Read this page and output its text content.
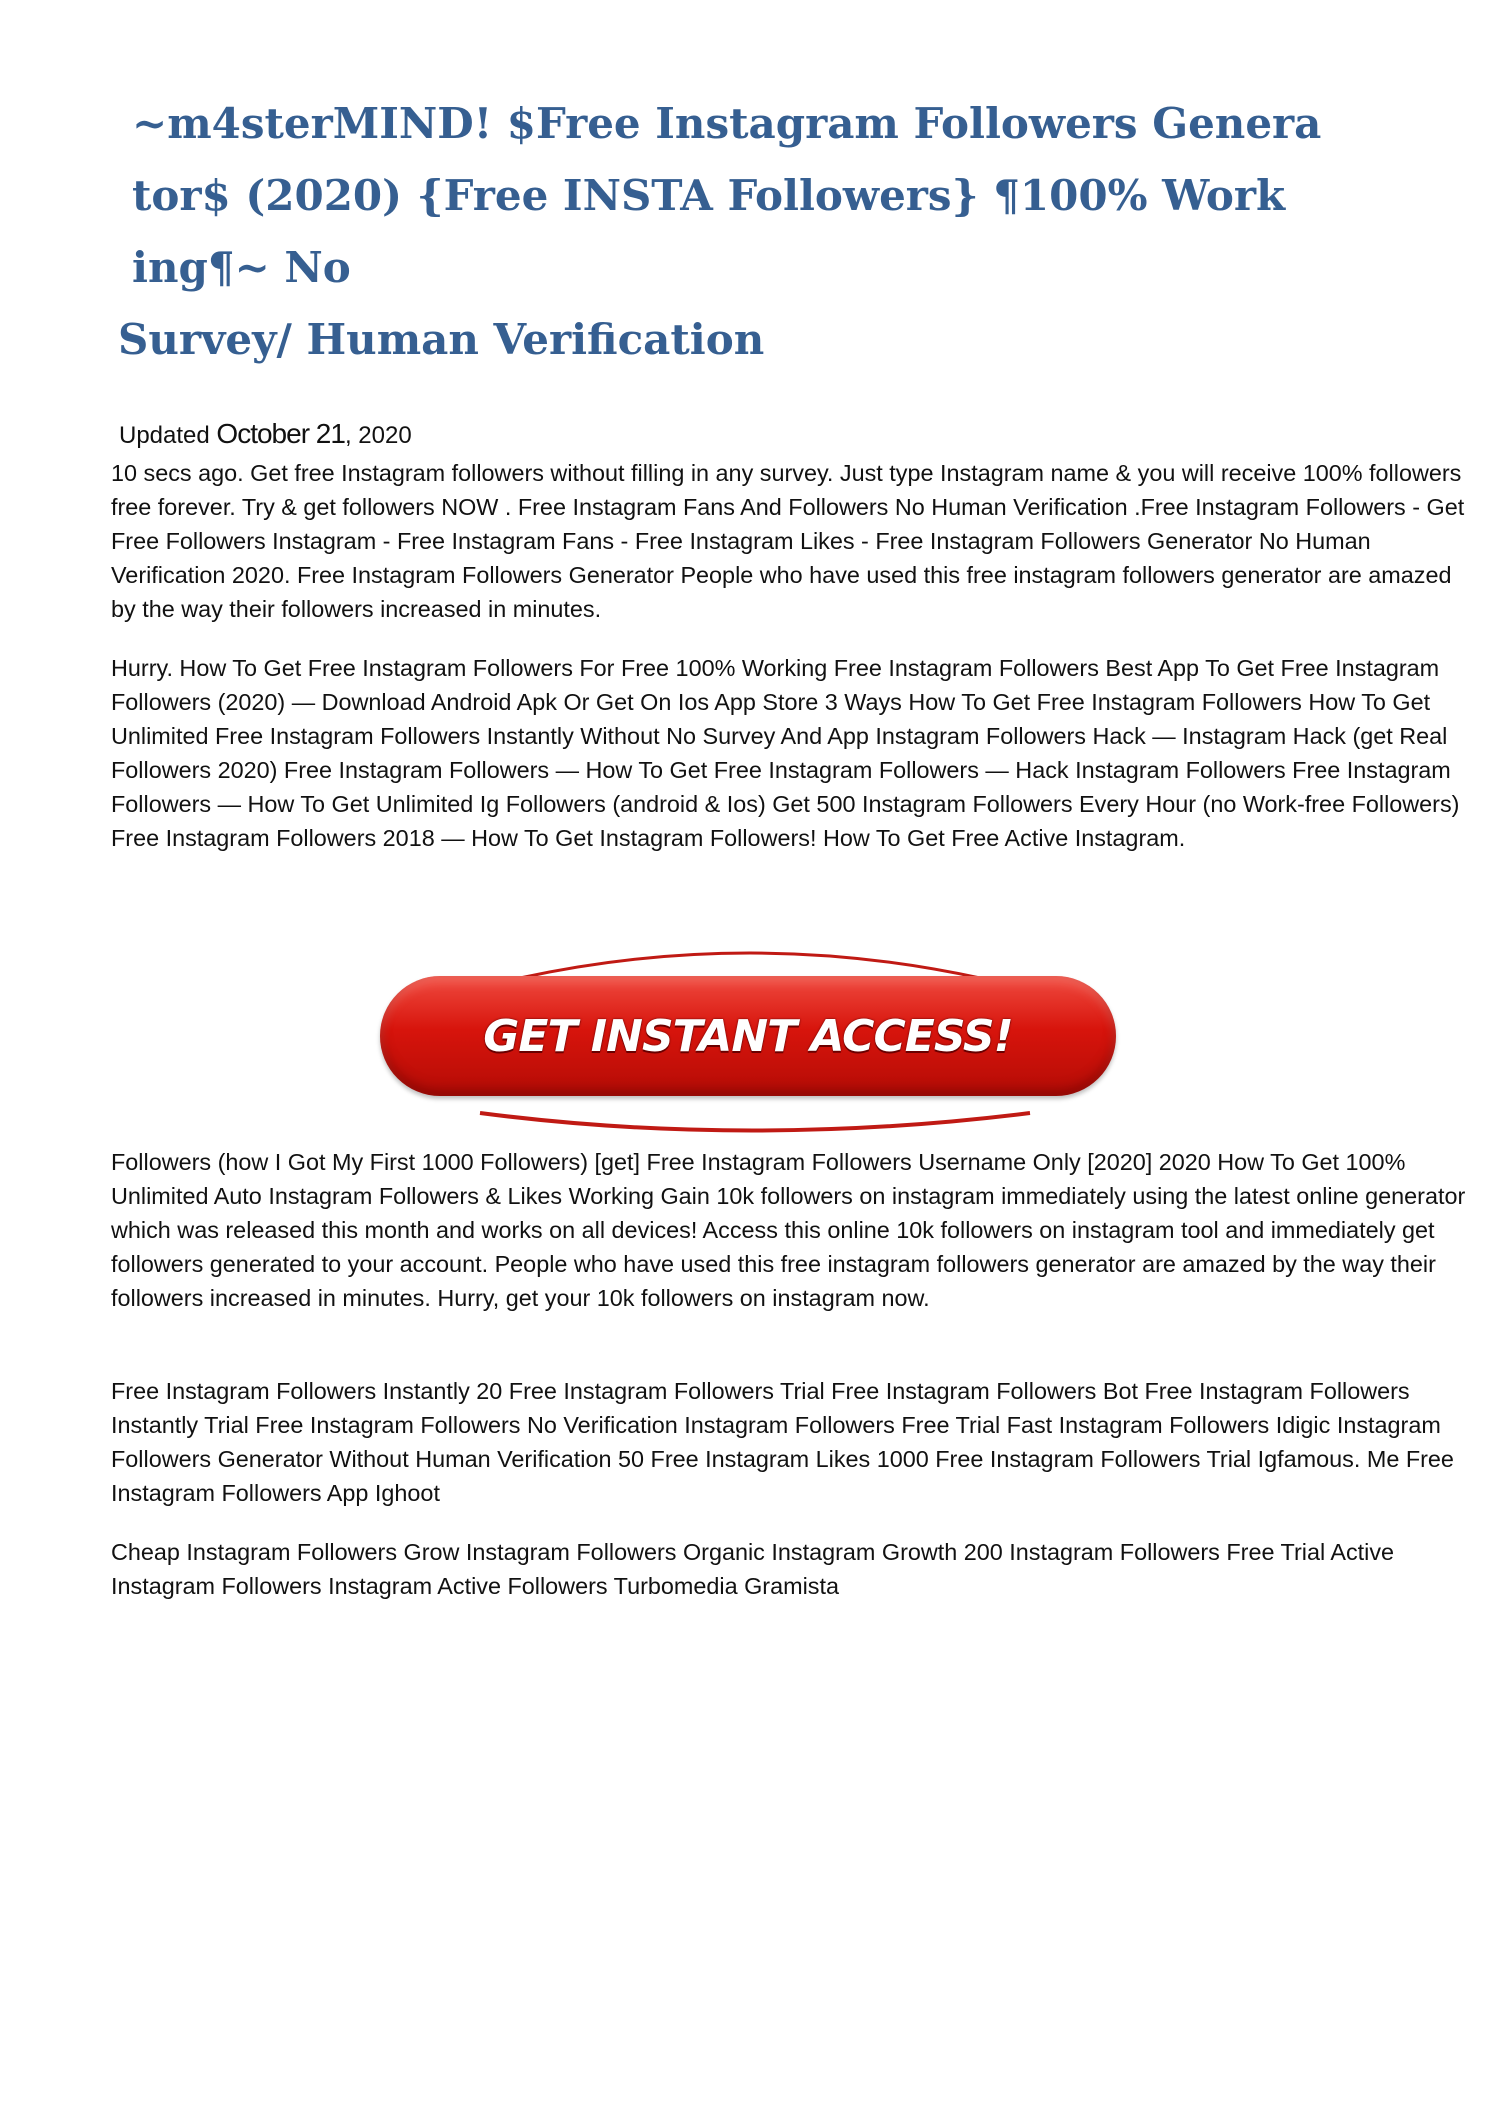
~m4sterMIND! $Free Instagram Followers Genera
tor$ (2020) {Free INSTA Followers} ¶100% Work
ing¶~ No
Survey/ Human Verification
Updated October 21, 2020

10 secs ago. Get free Instagram followers without filling in any survey. Just type Instagram name & you will receive 100% followers free forever. Try & get followers NOW . Free Instagram Fans And Followers No Human Verification .Free Instagram Followers - Get Free Followers Instagram - Free Instagram Fans - Free Instagram Likes - Free Instagram Followers Generator No Human Verification 2020. Free Instagram Followers Generator People who have used this free instagram followers generator are amazed by the way their followers increased in minutes.

Hurry. How To Get Free Instagram Followers For Free 100% Working Free Instagram Followers Best App To Get Free Instagram Followers (2020) — Download Android Apk Or Get On Ios App Store 3 Ways How To Get Free Instagram Followers How To Get Unlimited Free Instagram Followers Instantly Without No Survey And App Instagram Followers Hack — Instagram Hack (get Real Followers 2020) Free Instagram Followers — How To Get Free Instagram Followers — Hack Instagram Followers Free Instagram Followers — How To Get Unlimited Ig Followers (android & Ios) Get 500 Instagram Followers Every Hour (no Work-free Followers) Free Instagram Followers 2018 — How To Get Instagram Followers! How To Get Free Active Instagram.

GET INSTANT ACCESS!

Followers (how I Got My First 1000 Followers) [get] Free Instagram Followers Username Only [2020] 2020 How To Get 100% Unlimited Auto Instagram Followers & Likes Working Gain 10k followers on instagram immediately using the latest online generator which was released this month and works on all devices! Access this online 10k followers on instagram tool and immediately get followers generated to your account. People who have used this free instagram followers generator are amazed by the way their followers increased in minutes. Hurry, get your 10k followers on instagram now.

Free Instagram Followers Instantly 20 Free Instagram Followers Trial Free Instagram Followers Bot Free Instagram Followers Instantly Trial Free Instagram Followers No Verification Instagram Followers Free Trial Fast Instagram Followers Idigic Instagram Followers Generator Without Human Verification 50 Free Instagram Likes 1000 Free Instagram Followers Trial Igfamous. Me Free Instagram Followers App Ighoot

Cheap Instagram Followers Grow Instagram Followers Organic Instagram Growth 200 Instagram Followers Free Trial Active Instagram Followers Instagram Active Followers Turbomedia Gramista
